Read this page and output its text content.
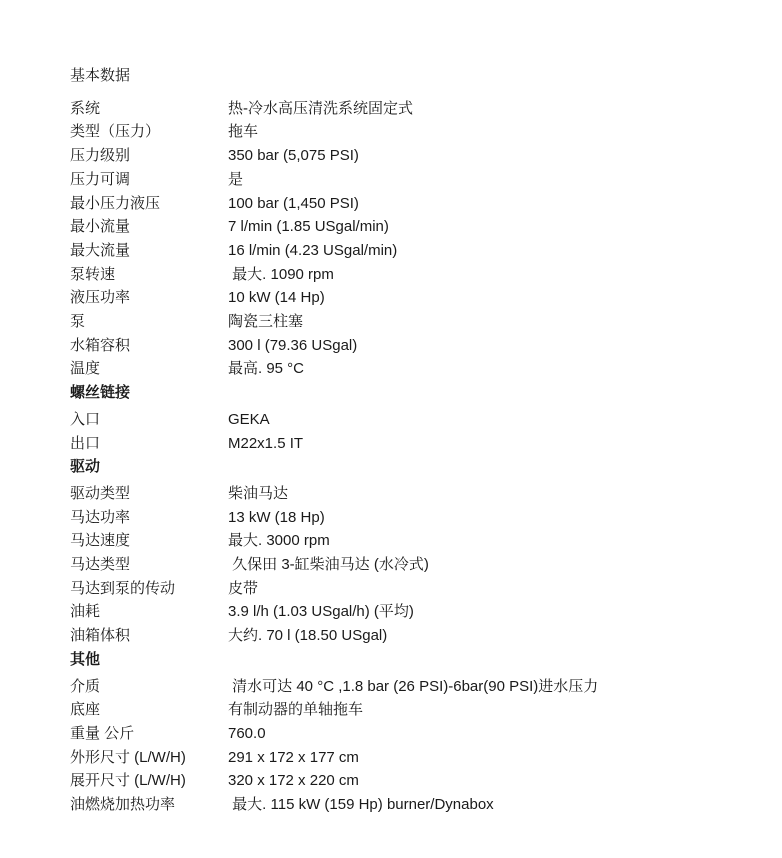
基本数据
系统	热-冷水高压清洗系统固定式
类型（压力）	拖车
压力级别	350 bar (5,075 PSI)
压力可调	是
最小压力液压	100 bar (1,450 PSI)
最小流量	7 l/min (1.85 USgal/min)
最大流量	16 l/min (4.23 USgal/min)
泵转速	最大. 1090 rpm
液压功率	10 kW (14 Hp)
泵	陶瓷三柱塞
水箱容积	300 l (79.36 USgal)
温度	最高. 95 °C
螺丝链接
入口	GEKA
出口	M22x1.5 IT
驱动
驱动类型	柴油马达
马达功率	13 kW (18 Hp)
马达速度	最大. 3000 rpm
马达类型	久保田 3-缸柴油马达 (水冷式)
马达到泵的传动	皮带
油耗	3.9 l/h (1.03 USgal/h) (平均)
油箱体积	大约. 70 l (18.50 USgal)
其他
介质	清水可达 40 °C ,1.8 bar (26 PSI)-6bar(90 PSI)进水压力
底座	有制动器的单轴拖车
重量 公斤	760.0
外形尺寸 (L/W/H)	291 x 172 x 177 cm
展开尺寸 (L/W/H)	320 x 172 x 220 cm
油燃烧加热功率	最大. 115 kW (159 Hp) burner/Dynabox
